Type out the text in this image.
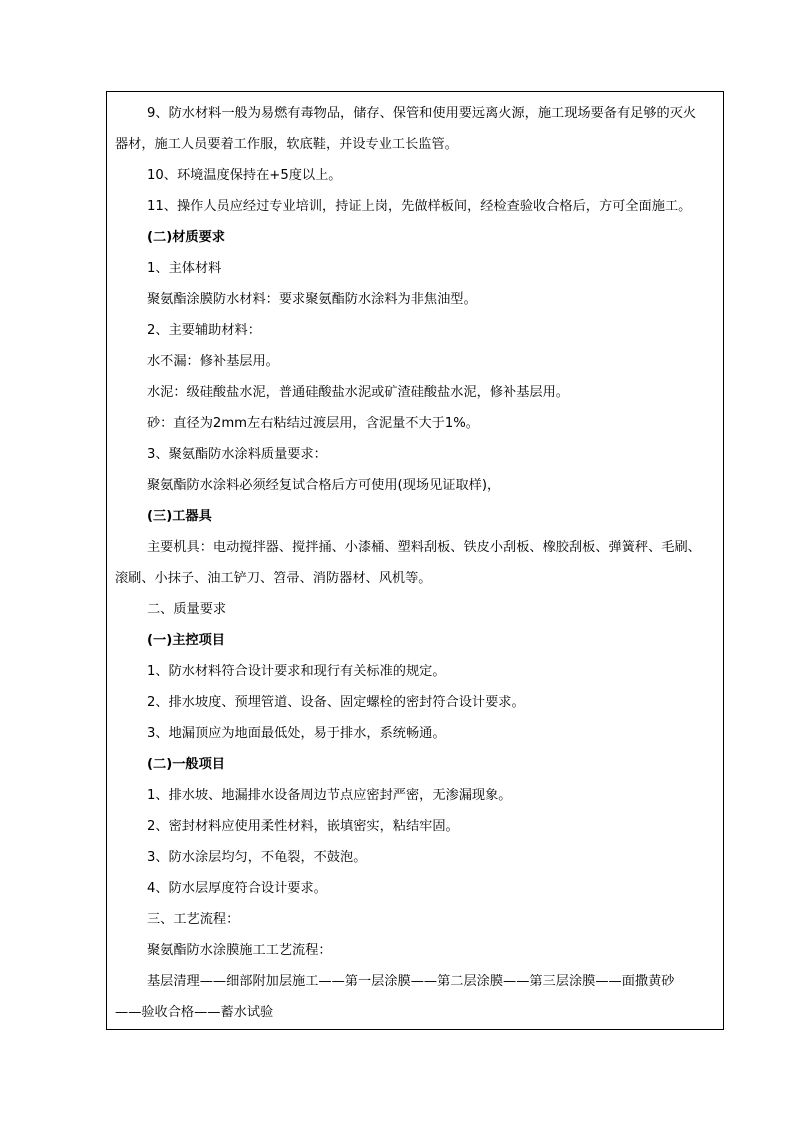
9、防水材料一般为易燃有毒物品，储存、保管和使用要远离火源，施工现场要备有足够的灭火
器材，施工人员要着工作服，软底鞋，并设专业工长监管。
10、环境温度保持在+5度以上。
11、操作人员应经过专业培训，持证上岗，先做样板间，经检查验收合格后，方可全面施工。
(二)材质要求
1、主体材料
聚氨酯涂膜防水材料：要求聚氨酯防水涂料为非焦油型。
2、主要辅助材料：
水不漏：修补基层用。
水泥：级硅酸盐水泥，普通硅酸盐水泥或矿渣硅酸盐水泥，修补基层用。
砂：直径为2mm左右粘结过渡层用，含泥量不大于1%。
3、聚氨酯防水涂料质量要求：
聚氨酯防水涂料必须经复试合格后方可使用(现场见证取样)，
(三)工器具
主要机具：电动搅拌器、搅拌捅、小漆桶、塑料刮板、铁皮小刮板、橡胶刮板、弹簧秤、毛刷、
滚刷、小抹子、油工铲刀、笤帚、消防器材、风机等。
二、质量要求
(一)主控项目
1、防水材料符合设计要求和现行有关标准的规定。
2、排水坡度、预埋管道、设备、固定螺栓的密封符合设计要求。
3、地漏顶应为地面最低处，易于排水，系统畅通。
(二)一般项目
1、排水坡、地漏排水设备周边节点应密封严密，无渗漏现象。
2、密封材料应使用柔性材料，嵌填密实，粘结牢固。
3、防水涂层均匀，不龟裂，不鼓泡。
4、防水层厚度符合设计要求。
三、工艺流程：
聚氨酯防水涂膜施工工艺流程：
基层清理——细部附加层施工——第一层涂膜——第二层涂膜——第三层涂膜——面撒黄砂
——验收合格——蓄水试验
